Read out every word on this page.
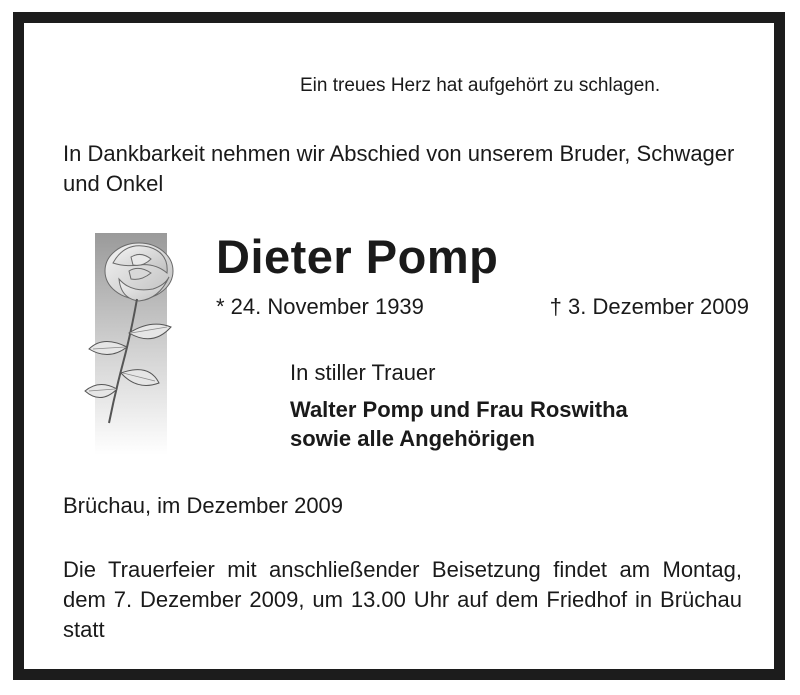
Ein treues Herz hat aufgehört zu schlagen.

In Dankbarkeit nehmen wir Abschied von unserem Bruder, Schwager und Onkel

Dieter Pomp

* 24. November 1939	† 3. Dezember 2009

In stiller Trauer

Walter Pomp und Frau Roswitha
sowie alle Angehörigen

Brüchau, im Dezember 2009

Die Trauerfeier mit anschließender Beisetzung findet am Montag, dem 7. Dezember 2009, um 13.00 Uhr auf dem Friedhof in Brüchau statt
